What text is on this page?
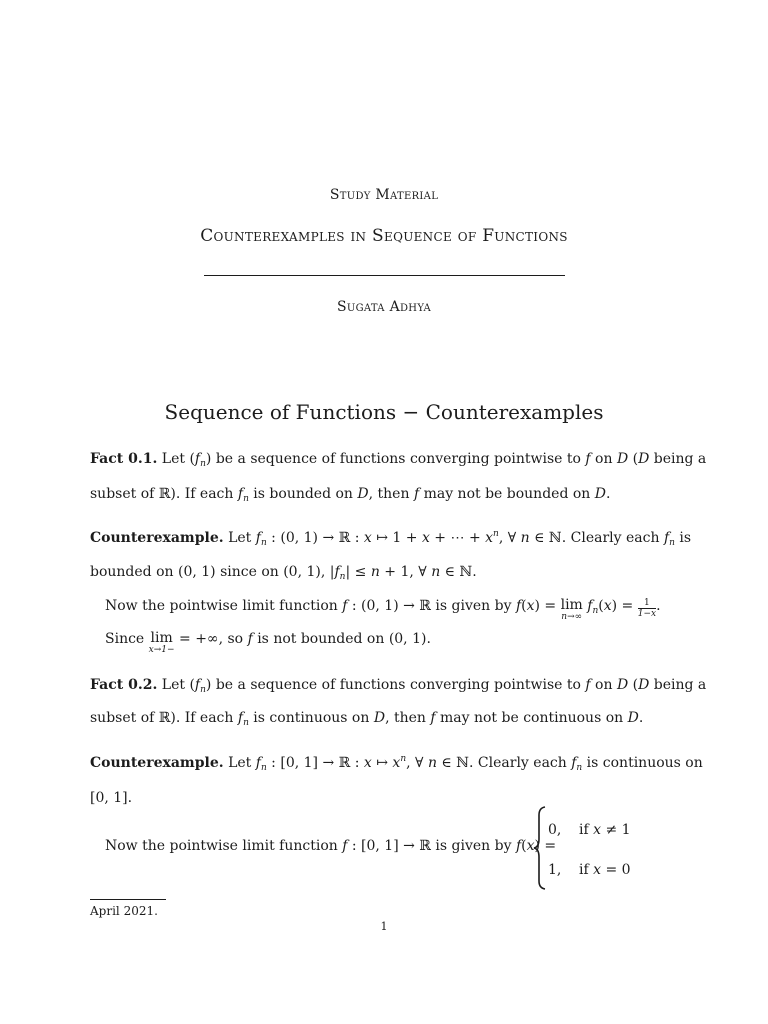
Study Material
Counterexamples in Sequence of Functions
Sugata Adhya
Sequence of Functions − Counterexamples
Fact 0.1. Let $(f_n)$ be a sequence of functions converging pointwise to f on D (D being a
subset of ℝ). If each $f_n$ is bounded on D, then f may not be bounded on D.
Counterexample. Let $f_n$ : (0, 1) → ℝ : x ↦ 1 + x + ⋯ + $x^n$, ∀ n ∈ ℕ. Clearly each $f_n$ is
bounded on (0, 1) since on (0, 1), $|f_n| \le n + 1$, ∀ n ∈ ℕ.
Now the pointwise limit function f : (0, 1) → ℝ is given by f(x) = lim
n→∞
$f_n(x) = \frac{1}{1-x}$ .
Since lim
x→1−
= +∞, so f is not bounded on (0, 1).
Fact 0.2. Let $(f_n)$ be a sequence of functions converging pointwise to f on D (D being a
subset of ℝ). If each $f_n$ is continuous on D, then f may not be continuous on D.
Counterexample. Let $f_n$ : [0, 1] → ℝ : x ↦ $x^n$, ∀ n ∈ ℕ. Clearly each $f_n$ is continuous on
[0, 1].
Now the pointwise limit function f : [0, 1] → ℝ is given by f(x) =
0, if x ≠ 1
1, if x = 0
April 2021.
1
